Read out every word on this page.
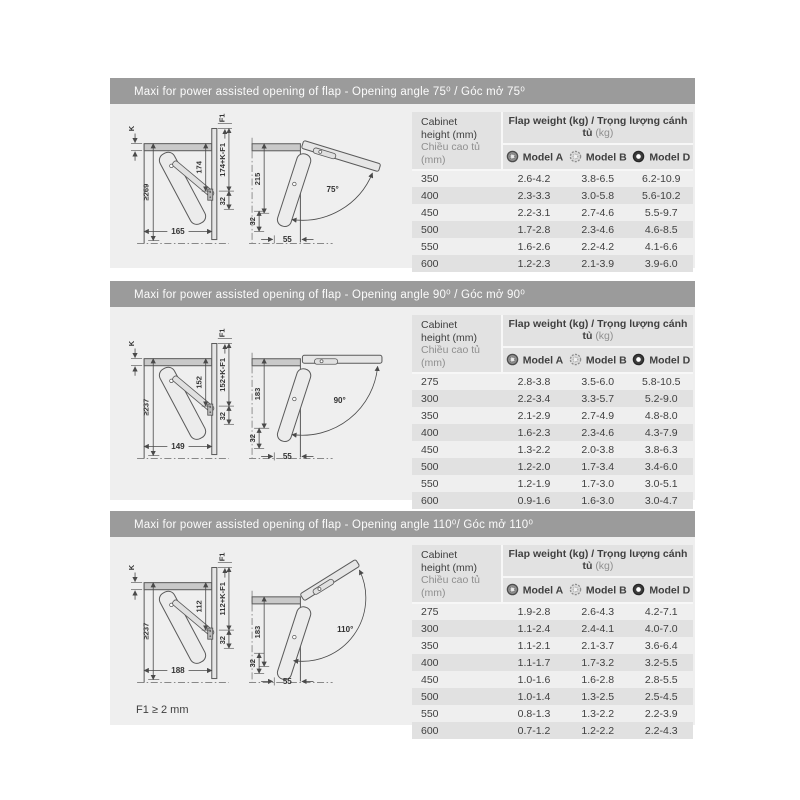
Maxi for power assisted opening of flap - Opening angle 75⁰ / Góc mở 75⁰
K
F1
≥269
174 174+K-F1
32
165
75°
215
32
55
Cabinet
height (mm)
Chiều cao tủ (mm)	Flap weight (kg) / Trọng lượng cánh tủ (kg)		
	Model A	Model B	Model D
350	2.6-4.2	3.8-6.5	6.2-10.9
400	2.3-3.3	3.0-5.8	5.6-10.2
450	2.2-3.1	2.7-4.6	5.5-9.7
500	1.7-2.8	2.3-4.6	4.6-8.5
550	1.6-2.6	2.2-4.2	4.1-6.6
600	1.2-2.3	2.1-3.9	3.9-6.0
Maxi for power assisted opening of flap - Opening angle 90⁰ / Góc mở 90⁰
K
F1
≥237
152 152+K-F1
32
149
90°
183
32
55
Cabinet
height (mm)
Chiều cao tủ (mm)	Flap weight (kg) / Trọng lượng cánh tủ (kg)		
	Model A	Model B	Model D
275	2.8-3.8	3.5-6.0	5.8-10.5
300	2.2-3.4	3.3-5.7	5.2-9.0
350	2.1-2.9	2.7-4.9	4.8-8.0
400	1.6-2.3	2.3-4.6	4.3-7.9
450	1.3-2.2	2.0-3.8	3.8-6.3
500	1.2-2.0	1.7-3.4	3.4-6.0
550	1.2-1.9	1.7-3.0	3.0-5.1
600	0.9-1.6	1.6-3.0	3.0-4.7
Maxi for power assisted opening of flap - Opening angle 110⁰/ Góc mở 110⁰
K
F1
≥237
112 112+K-F1
32
188
110°
183
32
55
Cabinet
height (mm)
Chiều cao tủ (mm)	Flap weight (kg) / Trọng lượng cánh tủ (kg)		
	Model A	Model B	Model D
275	1.9-2.8	2.6-4.3	4.2-7.1
300	1.1-2.4	2.4-4.1	4.0-7.0
350	1.1-2.1	2.1-3.7	3.6-6.4
400	1.1-1.7	1.7-3.2	3.2-5.5
450	1.0-1.6	1.6-2.8	2.8-5.5
500	1.0-1.4	1.3-2.5	2.5-4.5
550	0.8-1.3	1.3-2.2	2.2-3.9
600	0.7-1.2	1.2-2.2	2.2-4.3
F1 ≥ 2 mm
